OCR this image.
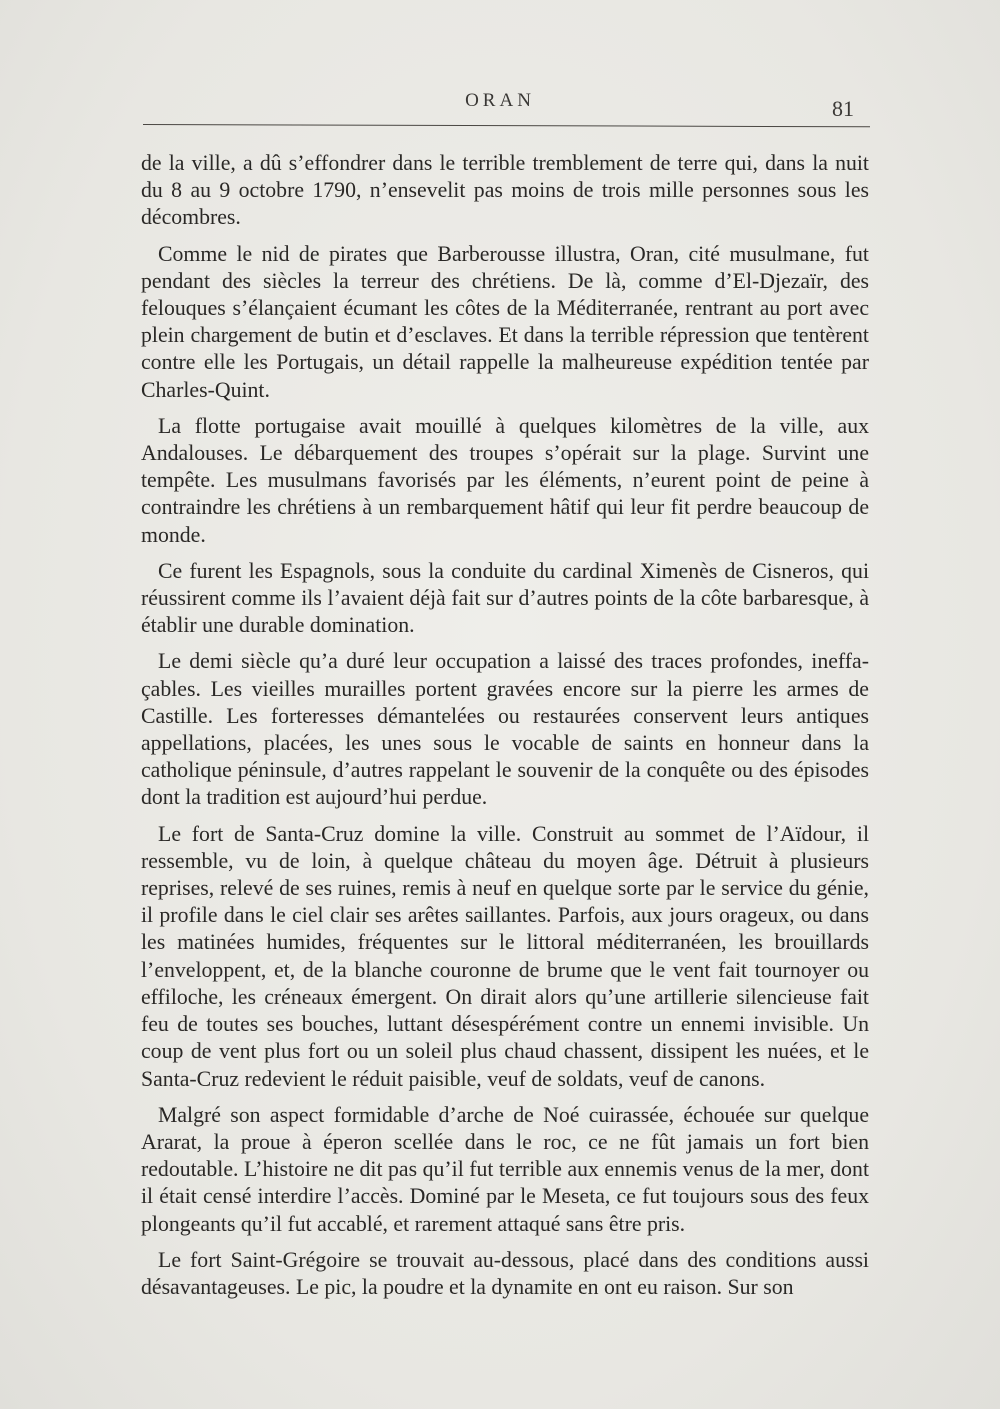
ORAN	81

de la ville, a dû s’effondrer dans le terrible tremblement de terre qui, dans la nuit du 8 au 9 octobre 1790, n’ensevelit pas moins de trois mille personnes sous les décombres.

Comme le nid de pirates que Barberousse illustra, Oran, cité musulmane, fut pendant des siècles la terreur des chrétiens. De là, comme d’El-Djezaïr, des felouques s’élançaient écumant les côtes de la Méditerranée, rentrant au port avec plein chargement de butin et d’esclaves. Et dans la terrible répression que tentèrent contre elle les Portugais, un détail rappelle la malheureuse expédition tentée par Charles-Quint.

La flotte portugaise avait mouillé à quelques kilomètres de la ville, aux Andalouses. Le débarquement des troupes s’opérait sur la plage. Survint une tempête. Les musulmans favorisés par les éléments, n’eurent point de peine à contraindre les chrétiens à un rembarquement hâtif qui leur fit perdre beaucoup de monde.

Ce furent les Espagnols, sous la conduite du cardinal Ximenès de Cisneros, qui réussirent comme ils l’avaient déjà fait sur d’autres points de la côte barbaresque, à établir une durable domination.

Le demi siècle qu’a duré leur occupation a laissé des traces profondes, ineffaçables. Les vieilles murailles portent gravées encore sur la pierre les armes de Castille. Les forteresses démantelées ou restaurées conservent leurs antiques appellations, placées, les unes sous le vocable de saints en honneur dans la catholique péninsule, d’autres rappelant le souvenir de la conquête ou des épisodes dont la tradition est aujourd’hui perdue.

Le fort de Santa-Cruz domine la ville. Construit au sommet de l’Aïdour, il ressemble, vu de loin, à quelque château du moyen âge. Détruit à plusieurs reprises, relevé de ses ruines, remis à neuf en quelque sorte par le service du génie, il profile dans le ciel clair ses arêtes saillantes. Parfois, aux jours orageux, ou dans les matinées humides, fréquentes sur le littoral méditerranéen, les brouillards l’enveloppent, et, de la blanche couronne de brume que le vent fait tournoyer ou effiloche, les créneaux émergent. On dirait alors qu’une artillerie silencieuse fait feu de toutes ses bouches, luttant désespérément contre un ennemi invisible. Un coup de vent plus fort ou un soleil plus chaud chassent, dissipent les nuées, et le Santa-Cruz redevient le réduit paisible, veuf de soldats, veuf de canons.

Malgré son aspect formidable d’arche de Noé cuirassée, échouée sur quelque Ararat, la proue à éperon scellée dans le roc, ce ne fût jamais un fort bien redoutable. L’histoire ne dit pas qu’il fut terrible aux ennemis venus de la mer, dont il était censé interdire l’accès. Dominé par le Meseta, ce fut toujours sous des feux plongeants qu’il fut accablé, et rarement attaqué sans être pris.

Le fort Saint-Grégoire se trouvait au-dessous, placé dans des conditions aussi désavantageuses. Le pic, la poudre et la dynamite en ont eu raison. Sur son
